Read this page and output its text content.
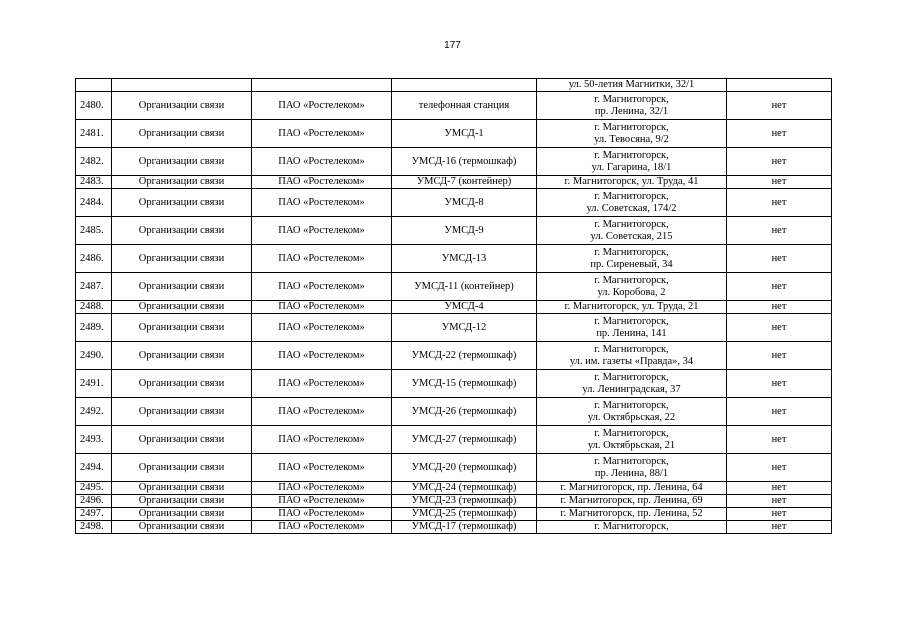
177

				ул. 50-летия Магнитки, 32/1	

2480.	Организации связи	ПАО «Ростелеком»	телефонная станция	г. Магнитогорск,
пр. Ленина, 32/1	нет
2481.	Организации связи	ПАО «Ростелеком»	УМСД-1	г. Магнитогорск,
ул. Тевосяна, 9/2	нет
2482.	Организации связи	ПАО «Ростелеком»	УМСД-16 (термошкаф)	г. Магнитогорск,
ул. Гагарина, 18/1	нет
2483.	Организации связи	ПАО «Ростелеком»	УМСД-7 (контейнер)	г. Магнитогорск, ул. Труда, 41	нет
2484.	Организации связи	ПАО «Ростелеком»	УМСД-8	г. Магнитогорск,
ул. Советская, 174/2	нет
2485.	Организации связи	ПАО «Ростелеком»	УМСД-9	г. Магнитогорск,
ул. Советская, 215	нет
2486.	Организации связи	ПАО «Ростелеком»	УМСД-13	г. Магнитогорск,
пр. Сиреневый, 34	нет
2487.	Организации связи	ПАО «Ростелеком»	УМСД-11 (контейнер)	г. Магнитогорск,
ул. Коробова, 2	нет
2488.	Организации связи	ПАО «Ростелеком»	УМСД-4	г. Магнитогорск, ул. Труда, 21	нет
2489.	Организации связи	ПАО «Ростелеком»	УМСД-12	г. Магнитогорск,
пр. Ленина, 141	нет
2490.	Организации связи	ПАО «Ростелеком»	УМСД-22 (термошкаф)	г. Магнитогорск,
ул. им. газеты «Правда», 34	нет
2491.	Организации связи	ПАО «Ростелеком»	УМСД-15 (термошкаф)	г. Магнитогорск,
ул. Ленинградская, 37	нет
2492.	Организации связи	ПАО «Ростелеком»	УМСД-26 (термошкаф)	г. Магнитогорск,
ул. Октябрьская, 22	нет
2493.	Организации связи	ПАО «Ростелеком»	УМСД-27 (термошкаф)	г. Магнитогорск,
ул. Октябрьская, 21	нет
2494.	Организации связи	ПАО «Ростелеком»	УМСД-20 (термошкаф)	г. Магнитогорск,
пр. Ленина, 88/1	нет
2495.	Организации связи	ПАО «Ростелеком»	УМСД-24 (термошкаф)	г. Магнитогорск, пр. Ленина, 64	нет
2496.	Организации связи	ПАО «Ростелеком»	УМСД-23 (термошкаф)	г. Магнитогорск, пр. Ленина, 69	нет
2497.	Организации связи	ПАО «Ростелеком»	УМСД-25 (термошкаф)	г. Магнитогорск, пр. Ленина, 52	нет
2498.	Организации связи	ПАО «Ростелеком»	УМСД-17 (термошкаф)	г. Магнитогорск,	нет
